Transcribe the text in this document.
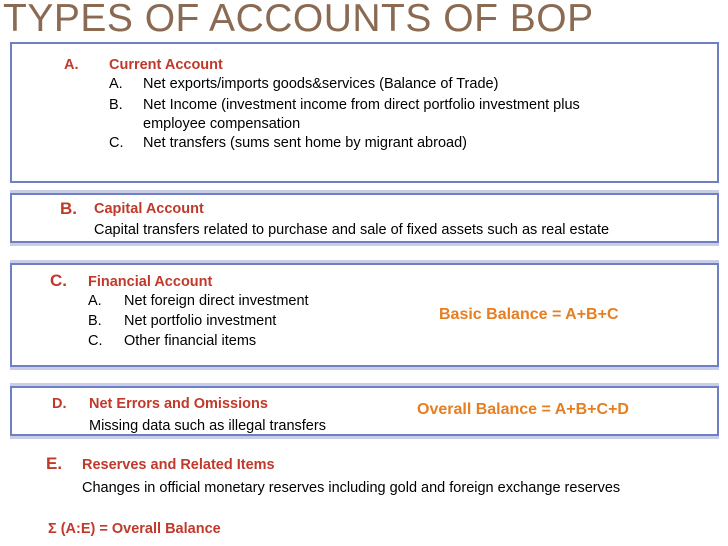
TYPES OF ACCOUNTS OF BOP
A. Current Account
A. Net exports/imports goods&services (Balance of Trade)
B. Net Income (investment income from direct portfolio investment plus
employee compensation
C. Net transfers (sums sent home by migrant abroad)
B. Capital Account
Capital transfers related to purchase and sale of fixed assets such as real estate
C. Financial Account
A. Net foreign direct investment
B. Net portfolio investment
C. Other financial items
Basic Balance = A+B+C
D. Net Errors and Omissions
Missing data such as illegal transfers
Overall Balance = A+B+C+D
E. Reserves and Related Items
Changes in official monetary reserves including gold and foreign exchange reserves
Σ (A:E) = Overall Balance
